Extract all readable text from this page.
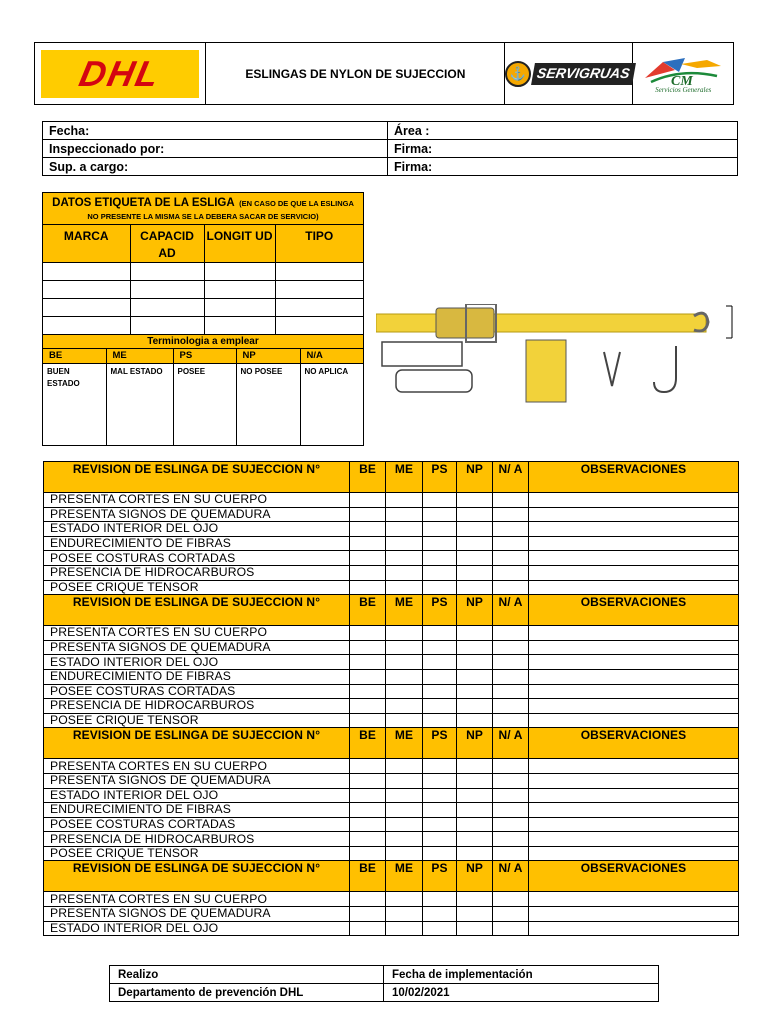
DHL	ESLINGAS DE NYLON DE SUJECCION	⚓ SERVIGRUAS
CM
Servicios Generales
Fecha:	Área :
Inspeccionado por:	Firma:
Sup. a cargo:	Firma:
DATOS ETIQUETA DE LA ESLIGA (EN CASO DE QUE LA ESLINGA NO PRESENTE LA MISMA SE LA DEBERA SACAR DE SERVICIO)
MARCA	CAPACID AD	LONGIT UD	TIPO

Terminologia a emplear
BE	ME	PS	NP	N/A
BUEN ESTADO	MAL ESTADO	POSEE	NO POSEE	NO APLICA
REVISION DE ESLINGA DE SUJECCION N°	BE	ME	PS	NP	N/ A	OBSERVACIONES
PRESENTA CORTES EN SU CUERPO						
PRESENTA SIGNOS DE QUEMADURA						
ESTADO INTERIOR DEL OJO						
ENDURECIMIENTO DE FIBRAS						
POSEE COSTURAS CORTADAS						
PRESENCIA DE HIDROCARBUROS						
POSEE CRIQUE TENSOR						
REVISION DE ESLINGA DE SUJECCION N°	BE	ME	PS	NP	N/ A	OBSERVACIONES
PRESENTA CORTES EN SU CUERPO						
PRESENTA SIGNOS DE QUEMADURA						
ESTADO INTERIOR DEL OJO						
ENDURECIMIENTO DE FIBRAS						
POSEE COSTURAS CORTADAS						
PRESENCIA DE HIDROCARBUROS						
POSEE CRIQUE TENSOR						
REVISION DE ESLINGA DE SUJECCION N°	BE	ME	PS	NP	N/ A	OBSERVACIONES
PRESENTA CORTES EN SU CUERPO						
PRESENTA SIGNOS DE QUEMADURA						
ESTADO INTERIOR DEL OJO						
ENDURECIMIENTO DE FIBRAS						
POSEE COSTURAS CORTADAS						
PRESENCIA DE HIDROCARBUROS						
POSEE CRIQUE TENSOR						
REVISION DE ESLINGA DE SUJECCION N°	BE	ME	PS	NP	N/ A	OBSERVACIONES
PRESENTA CORTES EN SU CUERPO						
PRESENTA SIGNOS DE QUEMADURA						
ESTADO INTERIOR DEL OJO						
Realizo	Fecha de implementación
Departamento de prevención DHL	10/02/2021
